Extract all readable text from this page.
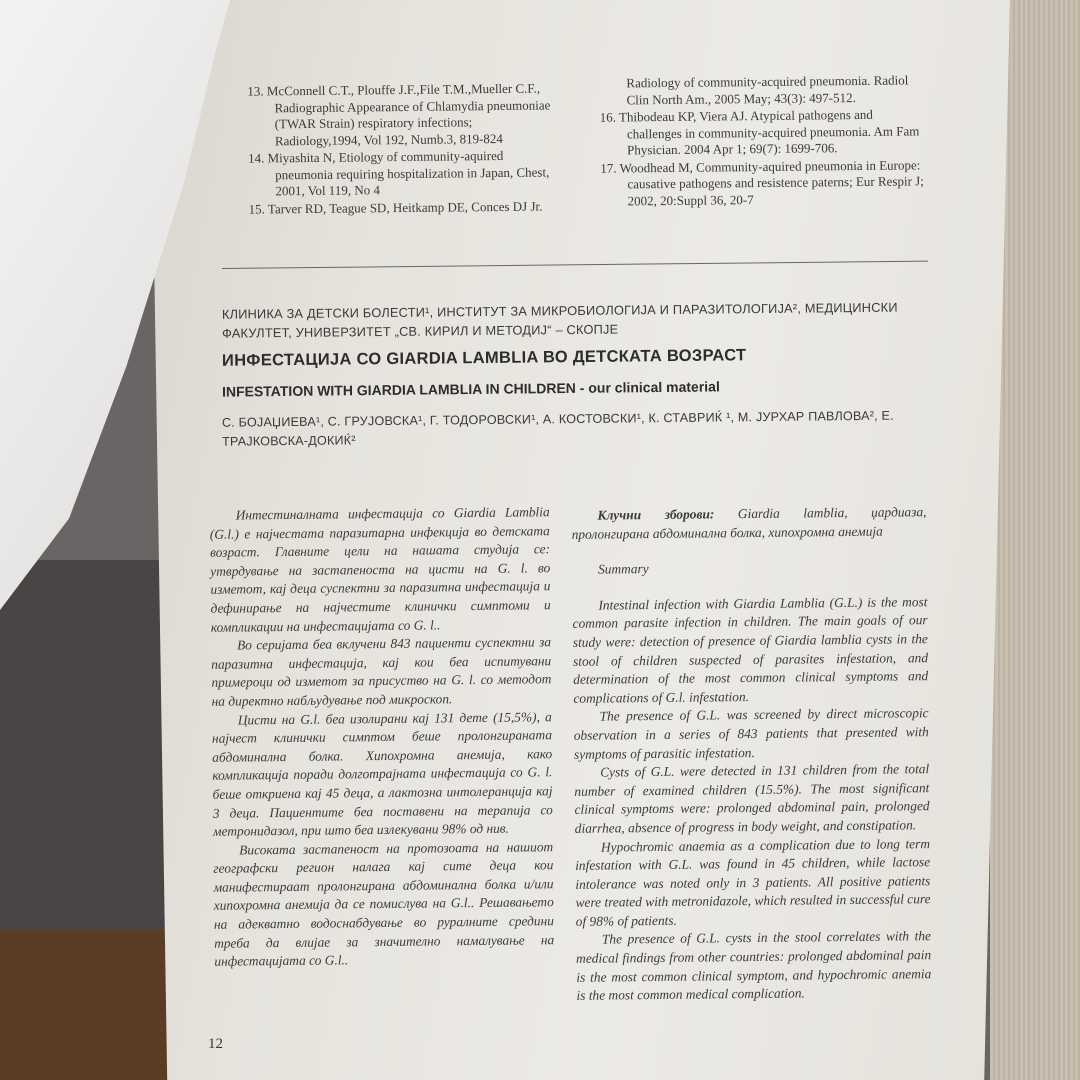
13. McConnell C.T., Plouffe J.F.,File T.M.,Mueller C.F., Radiographic Appearance of Chlamydia pneumoniae (TWAR Strain) respiratory infections; Radiology,1994, Vol 192, Numb.3, 819-824

14. Miyashita N, Etiology of community-aquired pneumonia requiring hospitalization in Japan, Chest, 2001, Vol 119, No 4

15. Tarver RD, Teague SD, Heitkamp DE, Conces DJ Jr.

Radiology of community-acquired pneumonia. Radiol Clin North Am., 2005 May; 43(3): 497-512.

16. Thibodeau KP, Viera AJ. Atypical pathogens and challenges in community-acquired pneumonia. Am Fam Physician. 2004 Apr 1; 69(7): 1699-706.

17. Woodhead M, Community-aquired pneumonia in Europe: causative pathogens and resistence paterns; Eur Respir J; 2002, 20:Suppl 36, 20-7

КЛИНИКА ЗА ДЕТСКИ БОЛЕСТИ¹, ИНСТИТУТ ЗА МИКРОБИОЛОГИЈА И ПАРАЗИТОЛОГИЈА², МЕДИЦИНСКИ ФАКУЛТЕТ, УНИВЕРЗИТЕТ „СВ. КИРИЛ И МЕТОДИЈ“ – СКОПЈЕ
ИНФЕСТАЦИЈА СО GIARDIA LAMBLIA ВО ДЕТСКАТА ВОЗРАСТ
INFESTATION WITH GIARDIA LAMBLIA IN CHILDREN - our clinical material
С. БОЈАЏИЕВА¹, С. ГРУЈОВСКА¹, Г. ТОДОРОВСКИ¹, А. КОСТОВСКИ¹, К. СТАВРИЌ ¹, М. ЈУРХАР ПАВЛОВА², Е. ТРАЈКОВСКА-ДОКИЌ²

Интестиналната инфестација со Giardia Lamblia (G.l.) е најчестата паразитарна инфекција во детската возраст. Главните цели на нашата студија се: утврдување на застапеноста на цисти на G. l. во изметот, кај деца суспектни за паразитна инфестација и дефинирање на најчестите клинички симптоми и компликации на инфестацијата со G. l..

Во серијата беа вклучени 843 пациенти суспектни за паразитна инфестација, кај кои беа испитувани примероци од изметот за присуство на G. l. со методот на директно набљудување под микроскоп.

Цисти на G.l. беа изолирани кај 131 дете (15,5%), а најчест клинички симптом беше пролонгираната абдоминална болка. Хипохромна анемија, како компликација поради долготрајната инфестација со G. l. беше откриена кај 45 деца, а лактозна интолеранција кај 3 деца. Пациентите беа поставени на терапија со метронидазол, при што беа излекувани 98% од нив.

Високата застапеност на протозоата на нашиот географски регион налага кај сите деца кои манифестираат пролонгирана абдоминална болка и/или хипохромна анемија да се помислува на G.l.. Решавањето на адекватно водоснабдување во руралните средини треба да влијае за значително намалување на инфестацијата со G.l..

Клучни зборови: Giardia lamblia, џардиаза, пролонгирана абдоминална болка, хипохромна анемија

Summary

Intestinal infection with Giardia Lamblia (G.L.) is the most common parasite infection in children. The main goals of our study were: detection of presence of Giardia lamblia cysts in the stool of children suspected of parasites infestation, and determination of the most common clinical symptoms and complications of G.l. infestation.

The presence of G.L. was screened by direct microscopic observation in a series of 843 patients that presented with symptoms of parasitic infestation.

Cysts of G.L. were detected in 131 children from the total number of examined children (15.5%). The most significant clinical symptoms were: prolonged abdominal pain, prolonged diarrhea, absence of progress in body weight, and constipation.

Hypochromic anaemia as a complication due to long term infestation with G.L. was found in 45 children, while lactose intolerance was noted only in 3 patients. All positive patients were treated with metronidazole, which resulted in successful cure of 98% of patients.

The presence of G.L. cysts in the stool correlates with the medical findings from other countries: prolonged abdominal pain is the most common clinical symptom, and hypochromic anemia is the most common medical complication.

12
